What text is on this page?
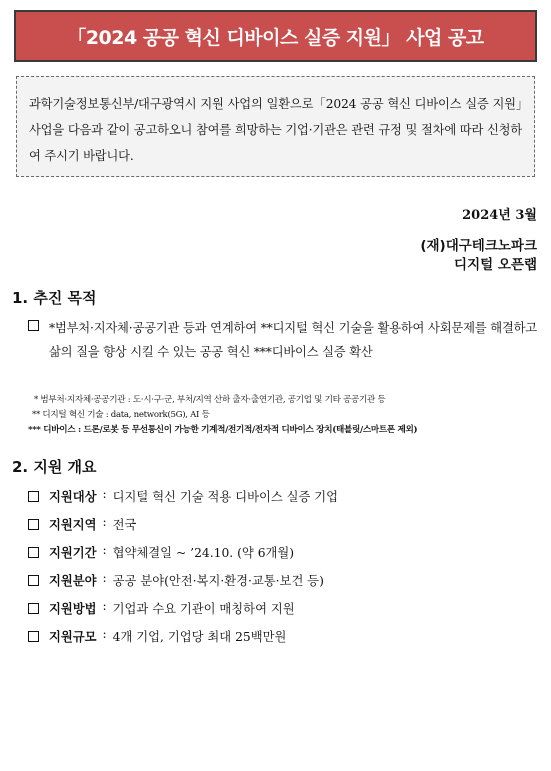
「2024 공공 혁신 디바이스 실증 지원」 사업 공고

과학기술정보통신부/대구광역시 지원 사업의 일환으로「2024 공공 혁신 디바이스 실증 지원」사업을 다음과 같이 공고하오니 참여를 희망하는 기업·기관은 관련 규정 및 절차에 따라 신청하여 주시기 바랍니다.

2024년 3월
(재)대구테크노파크
디지털 오픈랩
1. 추진 목적

*범부처·지자체·공공기관 등과 연계하여 **디지털 혁신 기술을 활용하여 사회문제를 해결하고 삶의 질을 향상 시킬 수 있는 공공 혁신 ***디바이스 실증 확산

* 범부처·지자체·공공기관 : 도·시·구·군, 부처/지역 산하 출자·출연기관, 공기업 및 기타 공공기관 등
** 디지털 혁신 기술 : data, network(5G), AI 등
*** 디바이스 : 드론/로봇 등 무선통신이 가능한 기계적/전기적/전자적 디바이스 장치(태블릿/스마트폰 제외)
2. 지원 개요
지원대상 : 디지털 혁신 기술 적용 디바이스 실증 기업
지원지역 : 전국
지원기간 : 협약체결일 ~ ’24.10. (약 6개월)
지원분야 : 공공 분야(안전·복지·환경·교통·보건 등)
지원방법 : 기업과 수요 기관이 매칭하여 지원
지원규모 : 4개 기업, 기업당 최대 25백만원
